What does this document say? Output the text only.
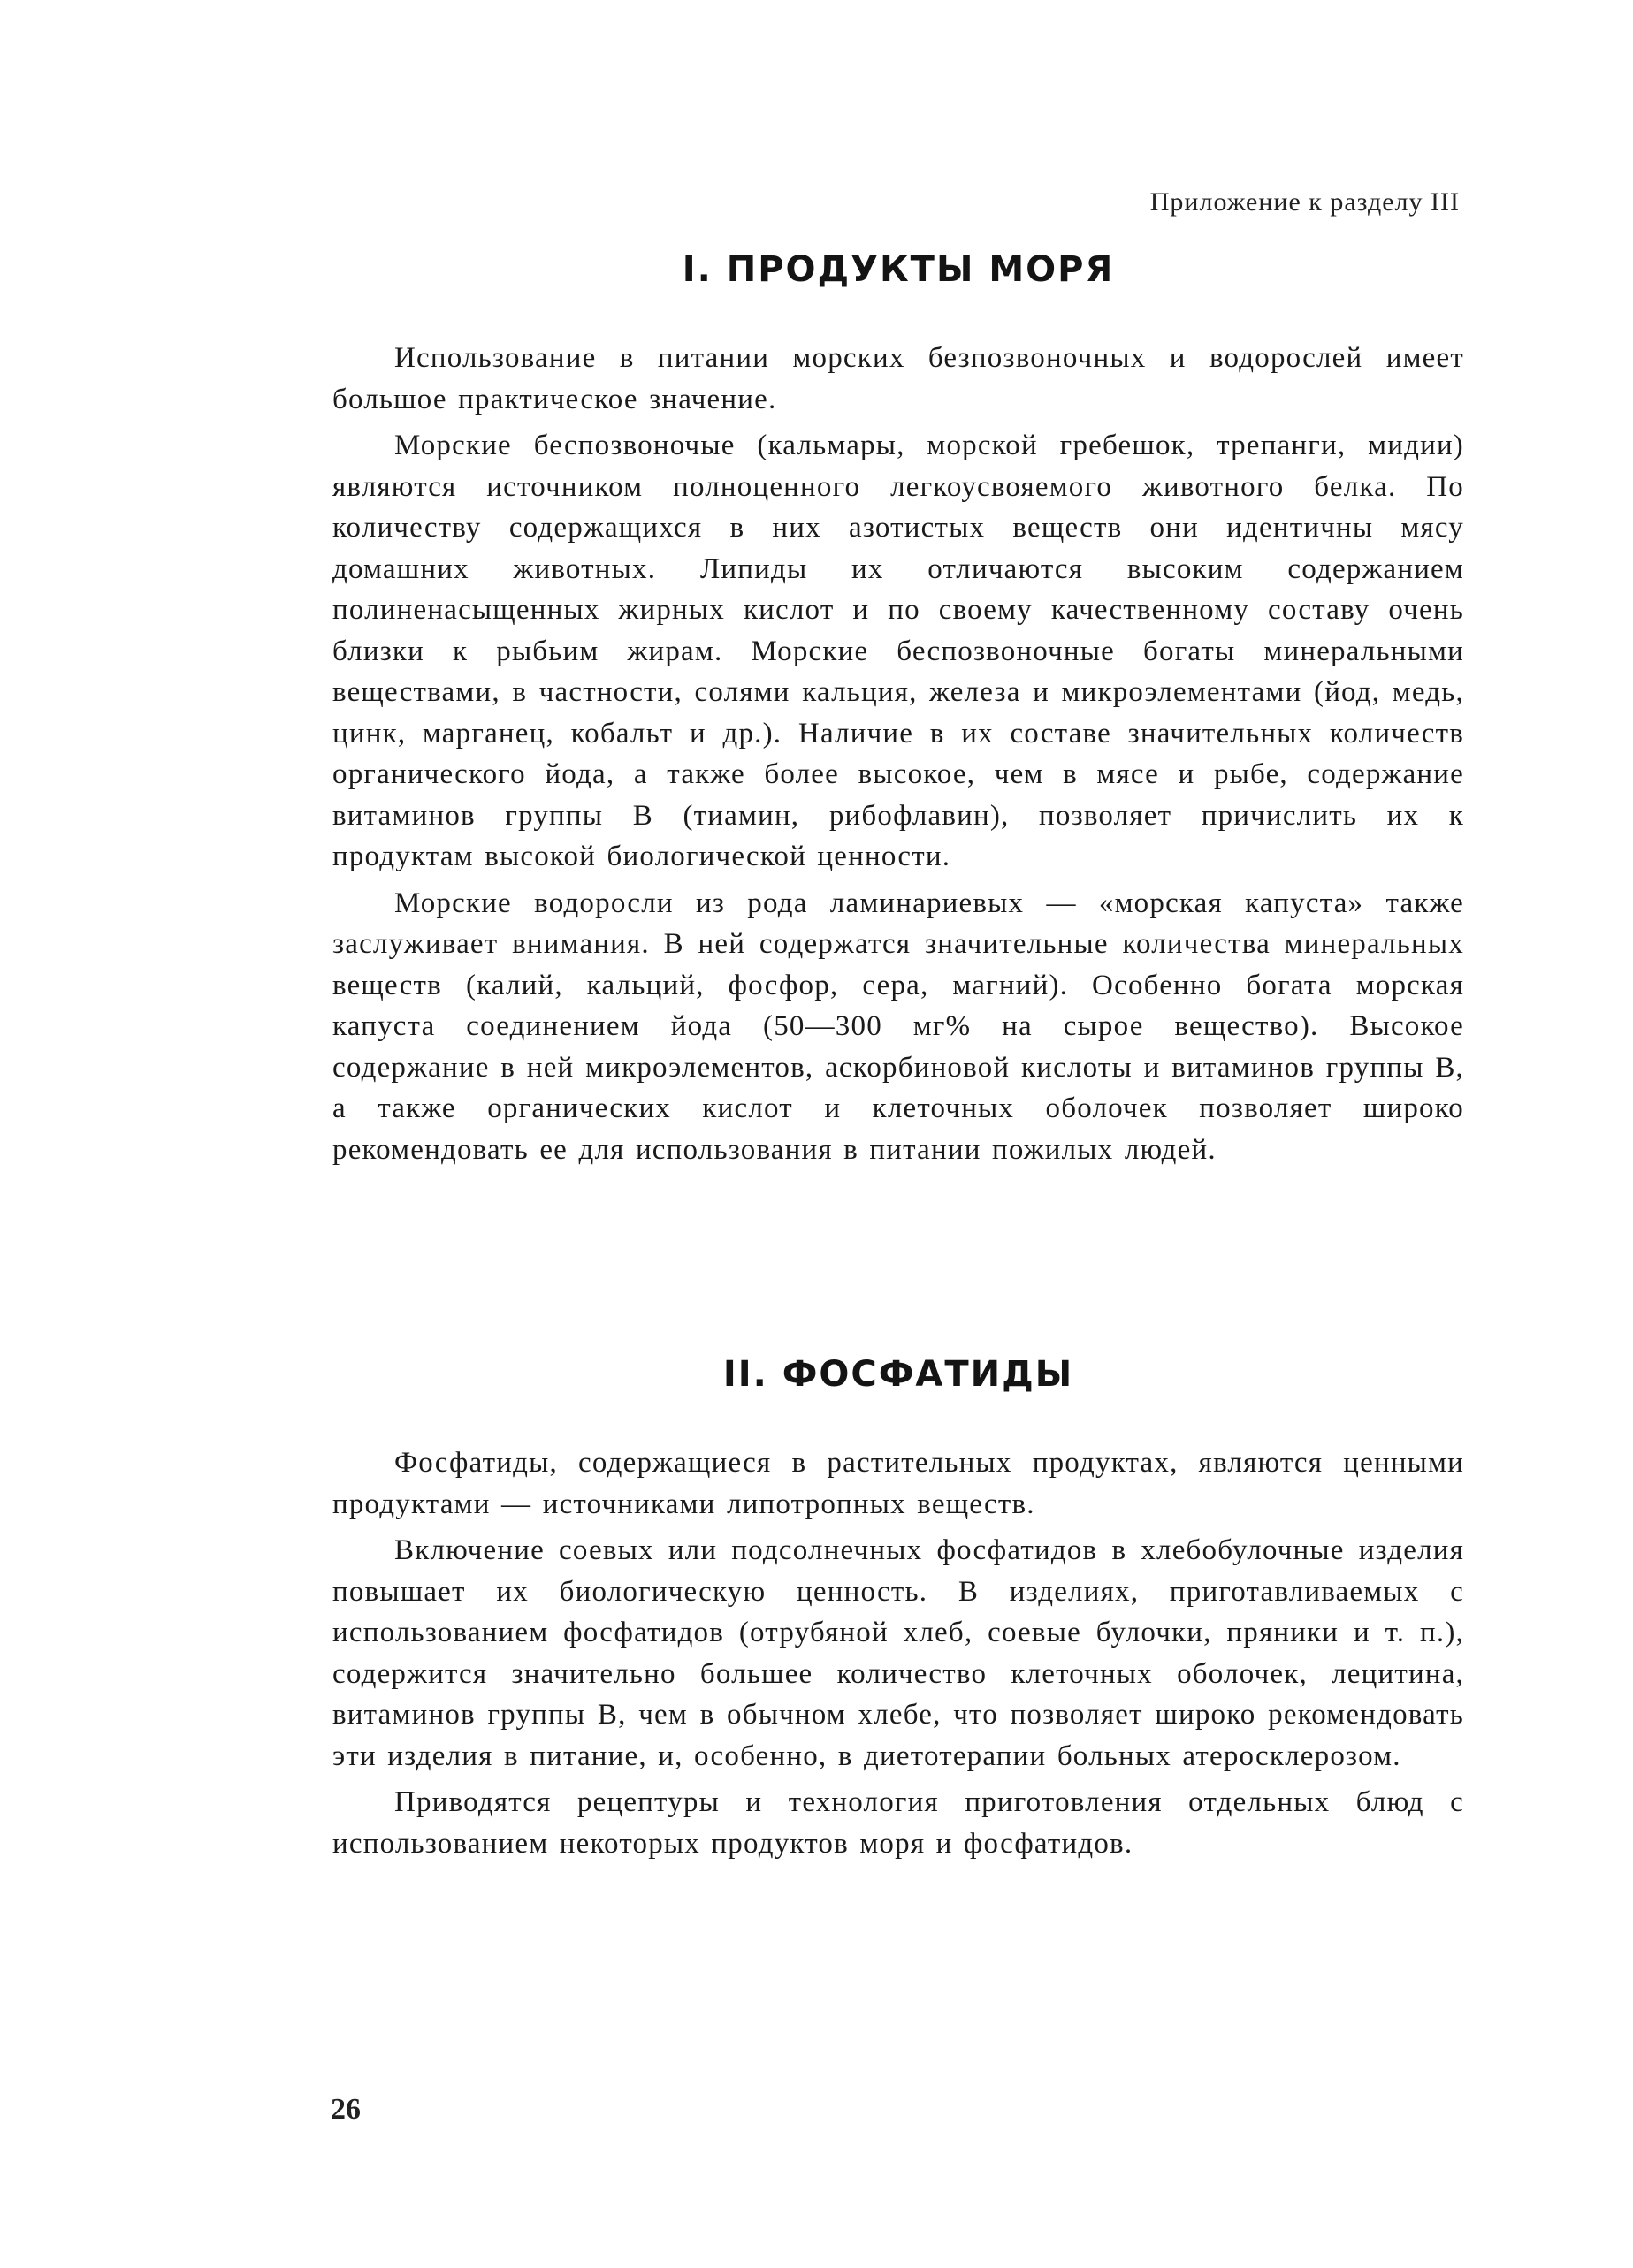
Приложение к разделу III
I. ПРОДУКТЫ МОРЯ

Использование в питании морских безпозвоночных и водорослей имеет большое практическое значение.

Морские беспозвоночые (кальмары, морской гребешок, трепанги, мидии) являются источником полноценного легкоусвояемого животного белка. По количеству содержащихся в них азотистых веществ они идентичны мясу домашних животных. Липиды их отличаются высоким содержанием полиненасыщенных жирных кислот и по своему качественному составу очень близки к рыбьим жирам. Морские беспозвоночные богаты минеральными веществами, в частности, солями кальция, железа и микроэлементами (йод, медь, цинк, марганец, кобальт и др.). Наличие в их составе значительных количеств органического йода, а также более высокое, чем в мясе и рыбе, содержание витаминов группы В (тиамин, рибофлавин), позволяет причислить их к продуктам высокой биологической ценности.

Морские водоросли из рода ламинариевых — «морская капуста» также заслуживает внимания. В ней содержатся значительные количества минеральных веществ (калий, кальций, фосфор, сера, магний). Особенно богата морская капуста соединением йода (50—300 мг% на сырое вещество). Высокое содержание в ней микроэлементов, аскорбиновой кислоты и витаминов группы В, а также органических кислот и клеточных оболочек позволяет широко рекомендовать ее для использования в питании пожилых людей.

II. ФОСФАТИДЫ

Фосфатиды, содержащиеся в растительных продуктах, являются ценными продуктами — источниками липотропных веществ.

Включение соевых или подсолнечных фосфатидов в хлебобулочные изделия повышает их биологическую ценность. В изделиях, приготавливаемых с использованием фосфатидов (отрубяной хлеб, соевые булочки, пряники и т. п.), содержится значительно большее количество клеточных оболочек, лецитина, витаминов группы В, чем в обычном хлебе, что позволяет широко рекомендовать эти изделия в питание, и, особенно, в диетотерапии больных атеросклерозом.

Приводятся рецептуры и технология приготовления отдельных блюд с использованием некоторых продуктов моря и фосфатидов.

26
